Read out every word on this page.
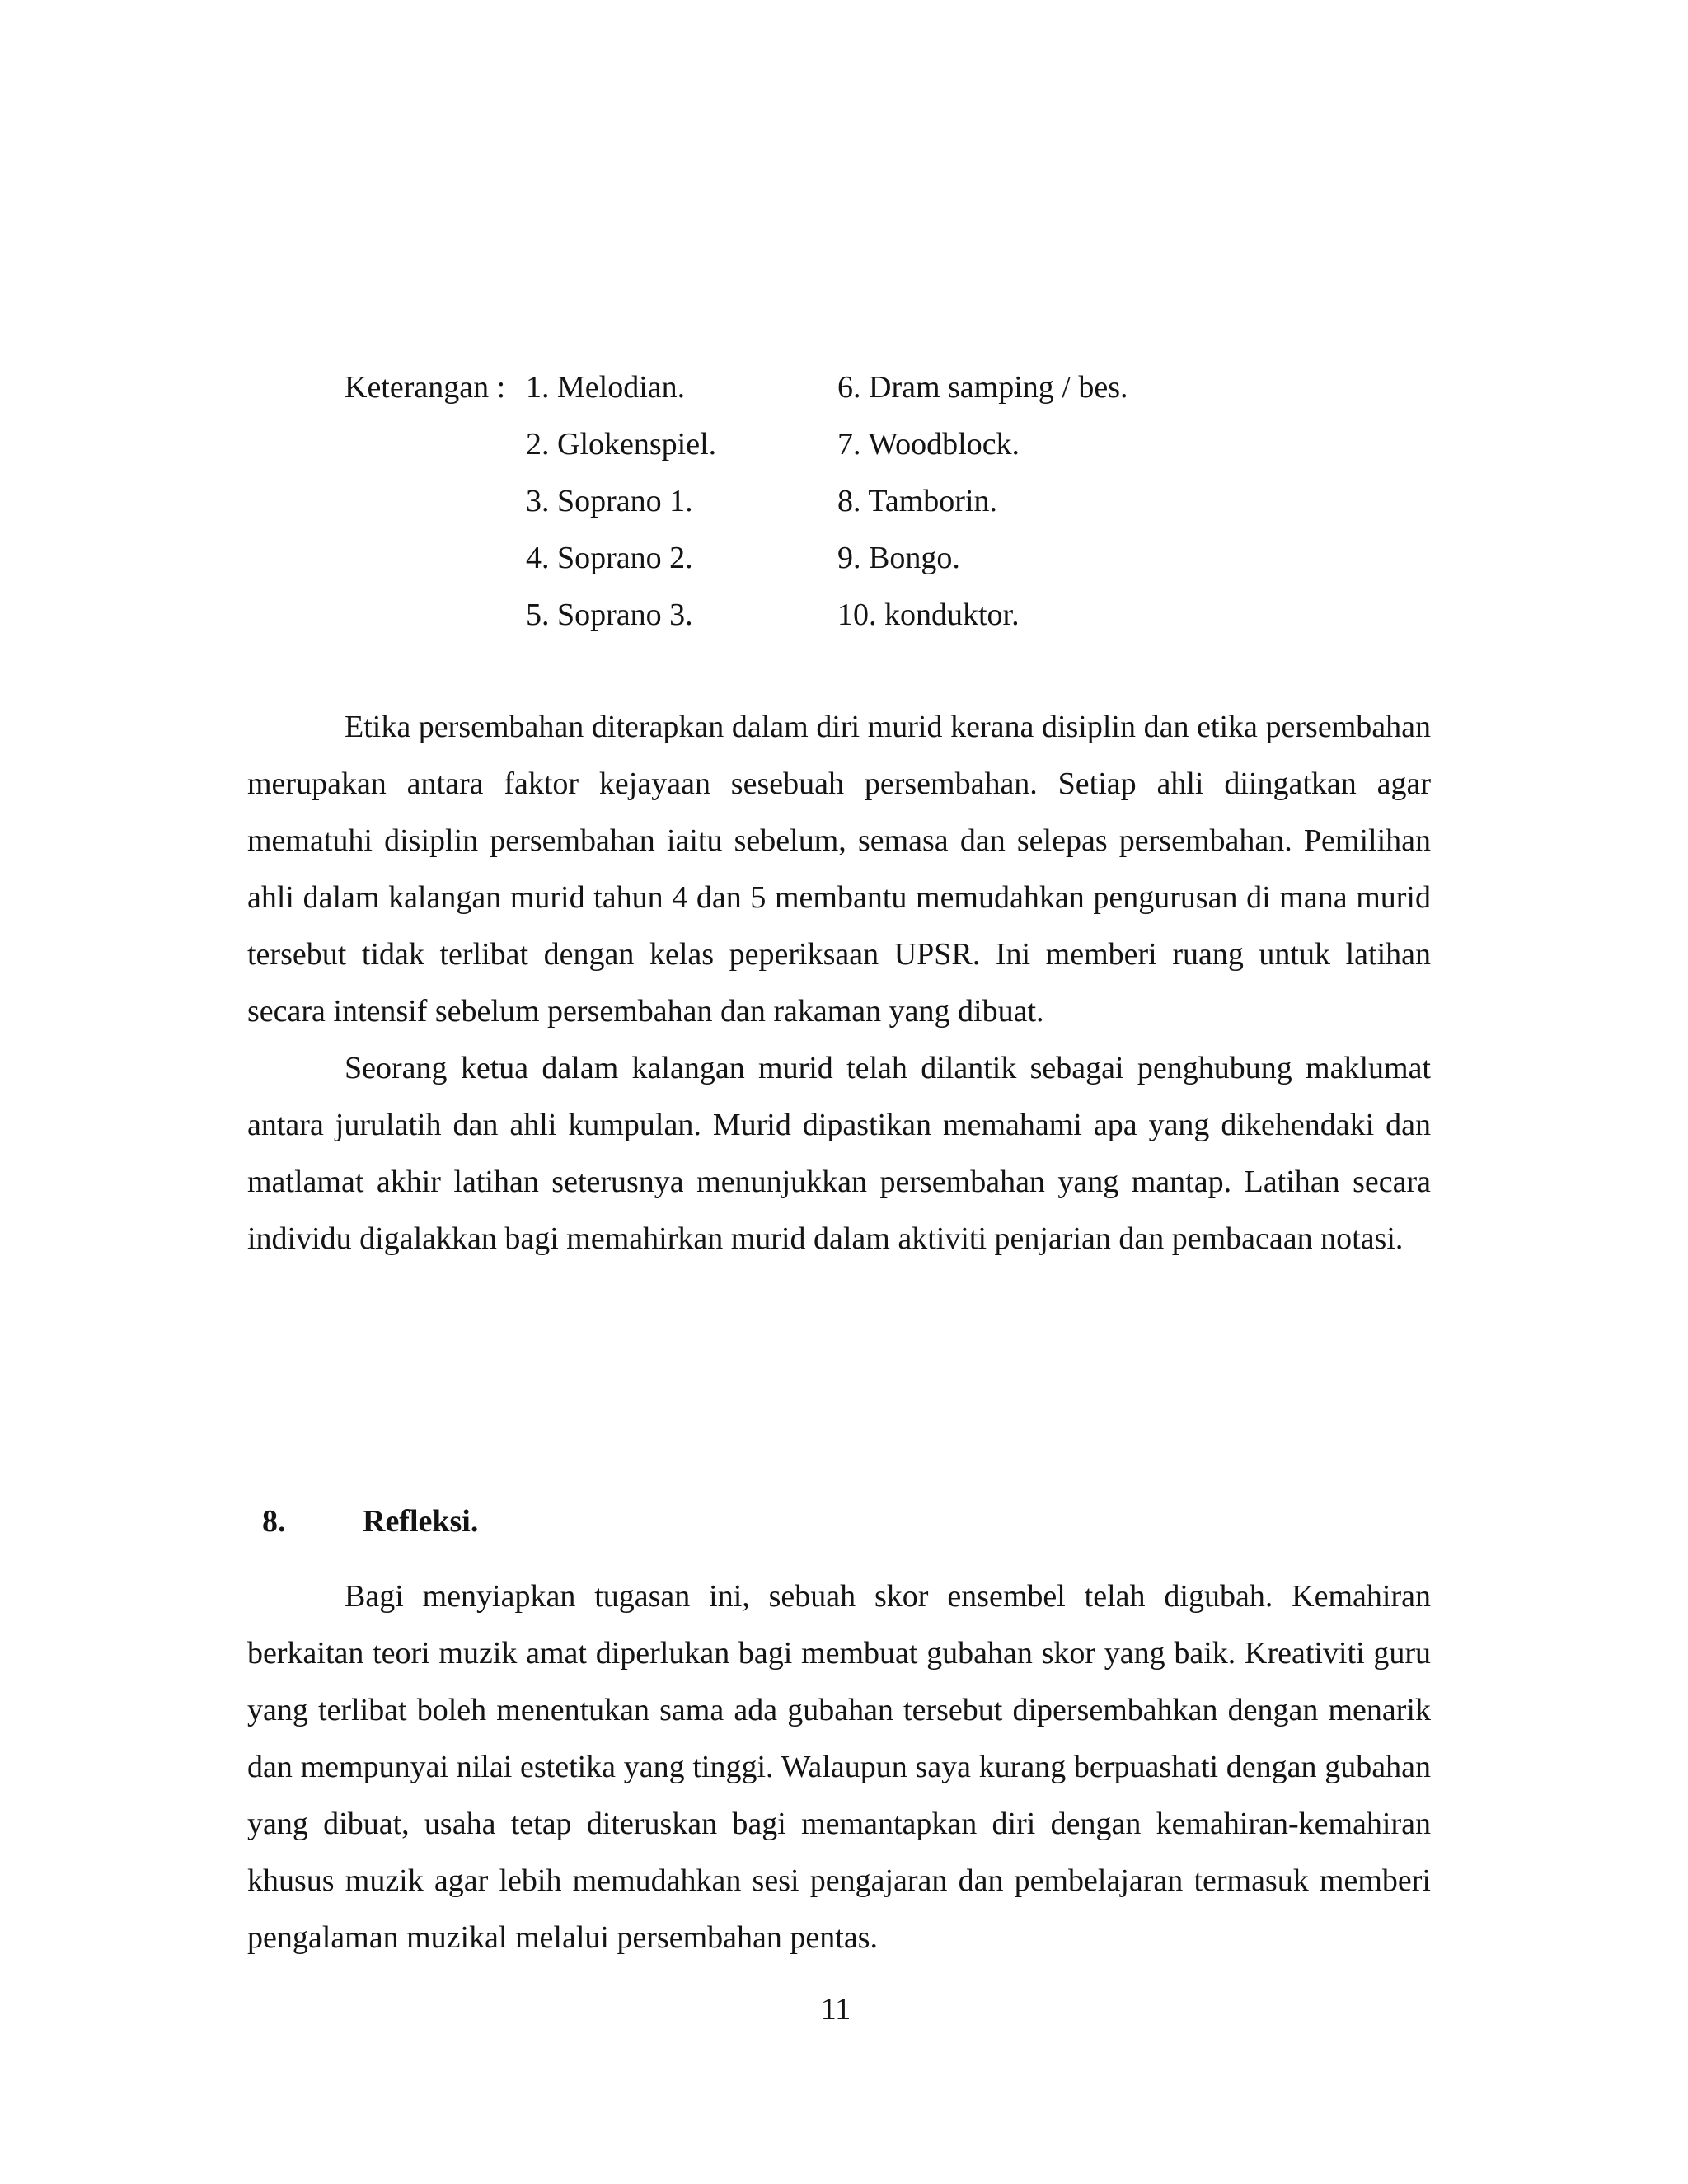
Keterangan : 1. Melodian.	6. Dram samping / bes.
2. Glokenspiel.	7. Woodblock.
3. Soprano 1.	8. Tamborin.
4. Soprano 2.	9. Bongo.
5. Soprano 3.	10. konduktor.

Etika persembahan diterapkan dalam diri murid kerana disiplin dan etika persembahan merupakan antara faktor kejayaan sesebuah persembahan. Setiap ahli diingatkan agar mematuhi disiplin persembahan iaitu sebelum, semasa dan selepas persembahan. Pemilihan ahli dalam kalangan murid tahun 4 dan 5 membantu memudahkan pengurusan di mana murid tersebut tidak terlibat dengan kelas peperiksaan UPSR. Ini memberi ruang untuk latihan secara intensif sebelum persembahan dan rakaman yang dibuat.

Seorang ketua dalam kalangan murid telah dilantik sebagai penghubung maklumat antara jurulatih dan ahli kumpulan. Murid dipastikan memahami apa yang dikehendaki dan matlamat akhir latihan seterusnya menunjukkan persembahan yang mantap. Latihan secara individu digalakkan bagi memahirkan murid dalam aktiviti penjarian dan pembacaan notasi.

8. Refleksi.

Bagi menyiapkan tugasan ini, sebuah skor ensembel telah digubah. Kemahiran berkaitan teori muzik amat diperlukan bagi membuat gubahan skor yang baik. Kreativiti guru yang terlibat boleh menentukan sama ada gubahan tersebut dipersembahkan dengan menarik dan mempunyai nilai estetika yang tinggi. Walaupun saya kurang berpuashati dengan gubahan yang dibuat, usaha tetap diteruskan bagi memantapkan diri dengan kemahiran-kemahiran khusus muzik agar lebih memudahkan sesi pengajaran dan pembelajaran termasuk memberi pengalaman muzikal melalui persembahan pentas.

11
